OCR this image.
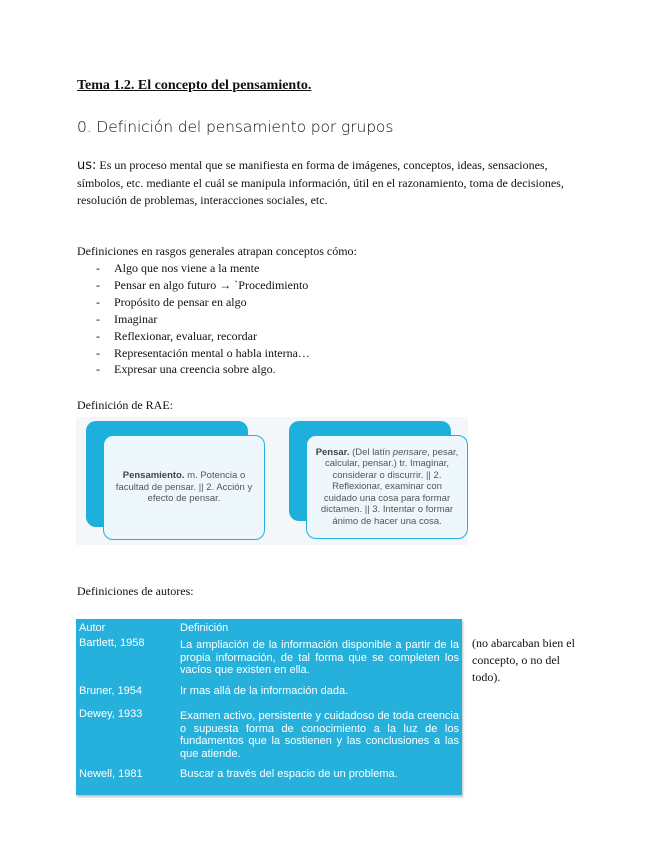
Tema 1.2. El concepto del pensamiento.
0. Definición del pensamiento por grupos
us: Es un proceso mental que se manifiesta en forma de imágenes, conceptos, ideas, sensaciones, símbolos, etc. mediante el cuál se manipula información, útil en el razonamiento, toma de decisiones, resolución de problemas, interacciones sociales, etc.
Definiciones en rasgos generales atrapan conceptos cómo:
- Algo que nos viene a la mente
- Pensar en algo futuro → `Procedimiento
- Propósito de pensar en algo
- Imaginar
- Reflexionar, evaluar, recordar
- Representación mental o habla interna…
- Expresar una creencia sobre algo.
Definición de RAE:
Pensamiento. m. Potencia o facultad de pensar. || 2. Acción y efecto de pensar.
Pensar. (Del latín pensare, pesar, calcular, pensar.) tr. Imaginar, considerar o discurrir. || 2. Reflexionar, examinar con cuidado una cosa para formar dictamen. || 3. Intentar o formar ánimo de hacer una cosa.
Definiciones de autores:
Autor	Definición
Bartlett, 1958	La ampliación de la información disponible a partir de la propia información, de tal forma que se completen los vacíos que existen en ella.
Bruner, 1954	Ir mas allá de la información dada.
Dewey, 1933	Examen activo, persistente y cuidadoso de toda creencia o supuesta forma de conocimiento a la luz de los fundamentos que la sostienen y las conclusiones a las que atiende.
Newell, 1981	Buscar a través del espacio de un problema.
(no abarcaban bien el concepto, o no del todo).
